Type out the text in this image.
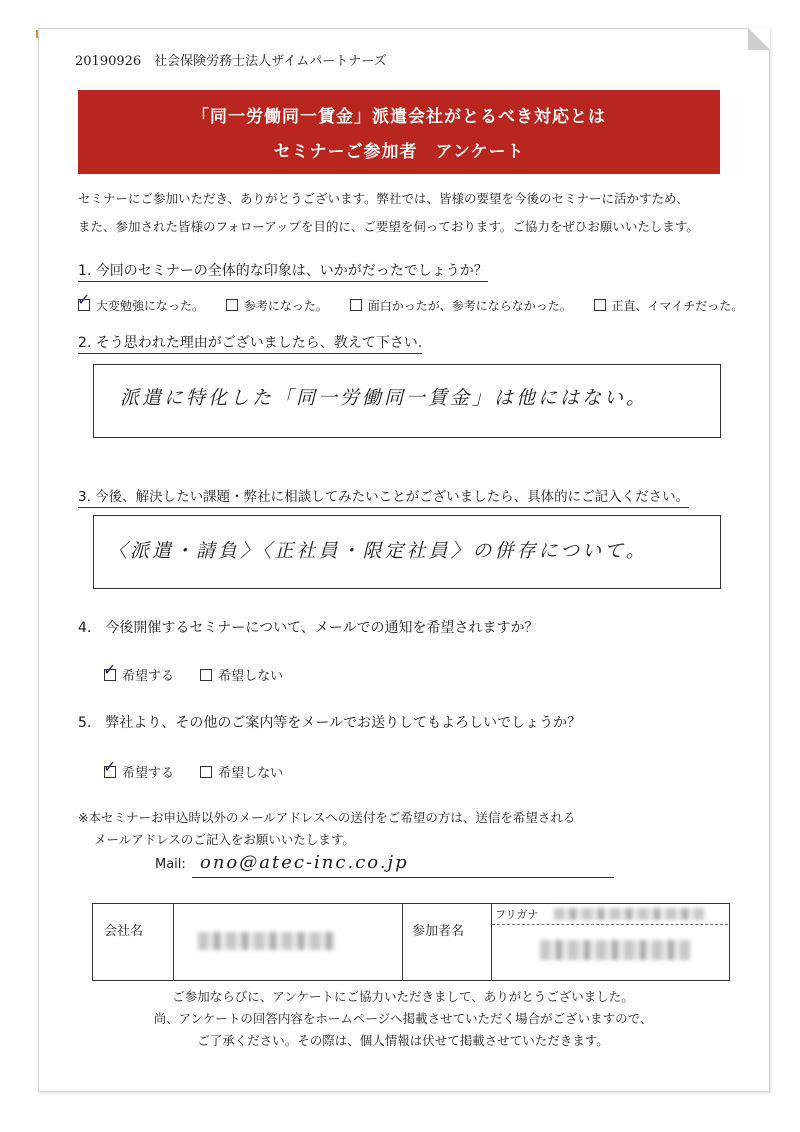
20190926　社会保険労務士法人ザイムパートナーズ
「同一労働同一賃金」派遣会社がとるべき対応とは
セミナーご参加者　アンケート

セミナーにご参加いただき、ありがとうございます。弊社では、皆様の要望を今後のセミナーに活かすため、

また、参加された皆様のフォローアップを目的に、ご要望を伺っております。ご協力をぜひお願いいたします。

1. 今回のセミナーの全体的な印象は、いかがだったでしょうか？
✓ 大変勉強になった。	参考になった。	面白かったが、参考にならなかった。	正直、イマイチだった。
2. そう思われた理由がございましたら、教えて下さい.
派遣に特化した「同一労働同一賃金」は他にはない。
3. 今後、解決したい課題・弊社に相談してみたいことがございましたら、具体的にご記入ください。
〈派遣・請負〉〈正社員・限定社員〉の併存について。
4.　今後開催するセミナーについて、メールでの通知を希望されますか？
✓ 希望する	希望しない
5.　弊社より、その他のご案内等をメールでお送りしてもよろしいでしょうか？
✓ 希望する	希望しない
※本セミナーお申込時以外のメールアドレスへの送付をご希望の方は、送信を希望される
メールアドレスのご記入をお願いいたします。
Mail: ono@atec-inc.co.jp
会社名	参加者名
フリガナ

ご参加ならびに、アンケートにご協力いただきまして、ありがとうございました。

尚、アンケートの回答内容をホームページへ掲載させていただく場合がございますので、

ご了承ください。その際は、個人情報は伏せて掲載させていただきます。
